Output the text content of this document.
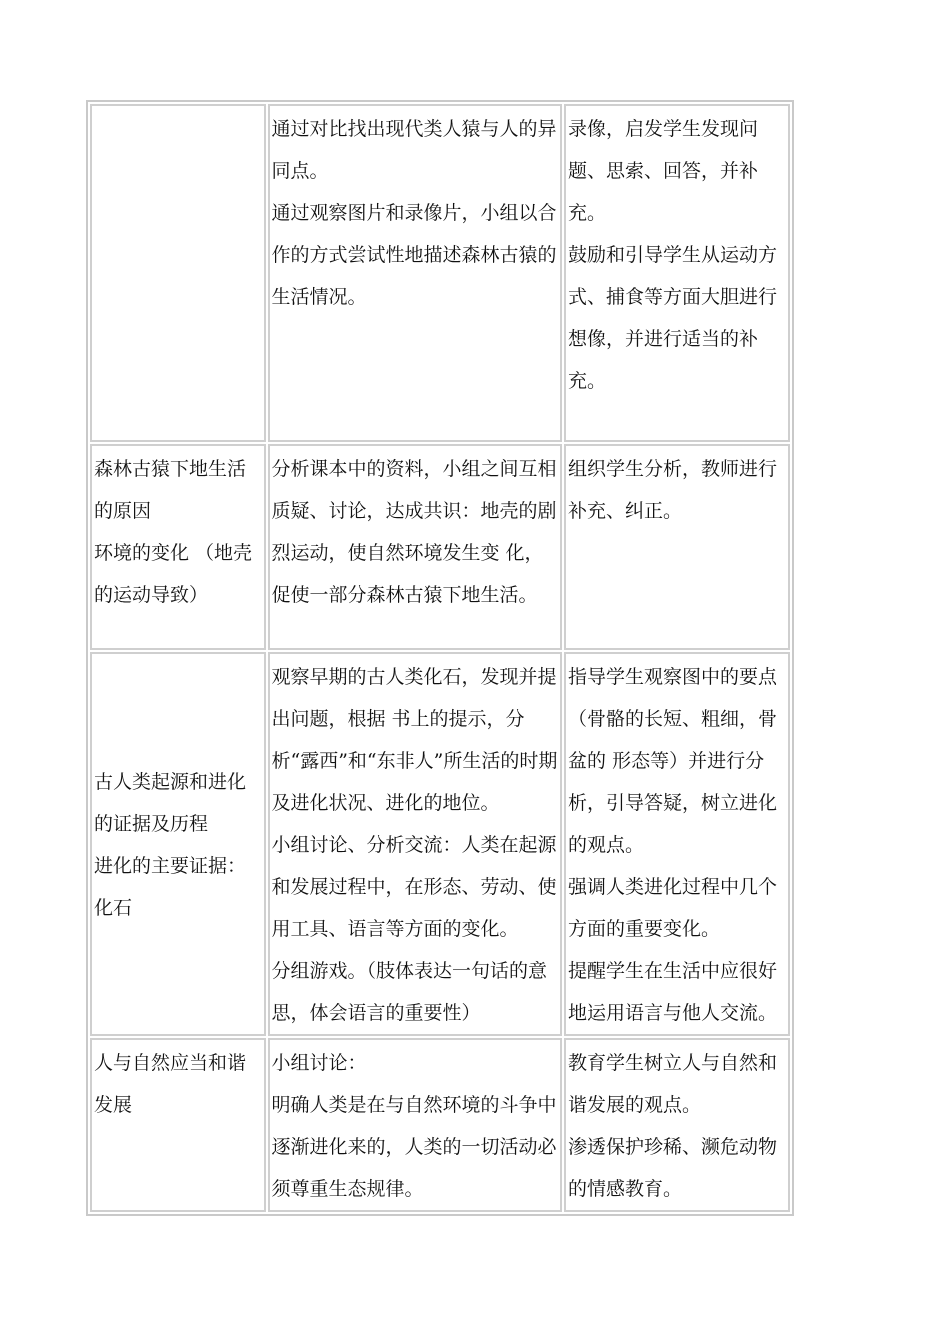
	通过对比找出现代类人猿与人的异同点。
通过观察图片和录像片，小组以合作的方式尝试性地描述森林古猿的生活情况。	录像，启发学生发现问题、思索、回答，并补充。
鼓励和引导学生从运动方式、捕食等方面大胆进行想像，并进行适当的补充。

森林古猿下地生活的原因
环境的变化 （地壳的运动导致）	分析课本中的资料，小组之间互相质疑、讨论，达成共识：地壳的剧烈运动，使自然环境发生变 化，促使一部分森林古猿下地生活。	组织学生分析，教师进行补充、纠正。

古人类起源和进化的证据及历程
进化的主要证据：化石	观察早期的古人类化石，发现并提出问题，根据 书上的提示，分析“露西”和“东非人”所生活的时期及进化状况、进化的地位。
小组讨论、分析交流：人类在起源和发展过程中，在形态、劳动、使用工具、语言等方面的变化。
分组游戏。（肢体表达一句话的意思，体会语言的重要性）	指导学生观察图中的要点（骨骼的长短、粗细，骨盆的 形态等）并进行分析，引导答疑，树立进化的观点。
强调人类进化过程中几个方面的重要变化。
提醒学生在生活中应很好地运用语言与他人交流。

人与自然应当和谐发展	小组讨论：
明确人类是在与自然环境的斗争中逐渐进化来的，人类的一切活动必须尊重生态规律。	教育学生树立人与自然和谐发展的观点。
渗透保护珍稀、濒危动物的情感教育。
